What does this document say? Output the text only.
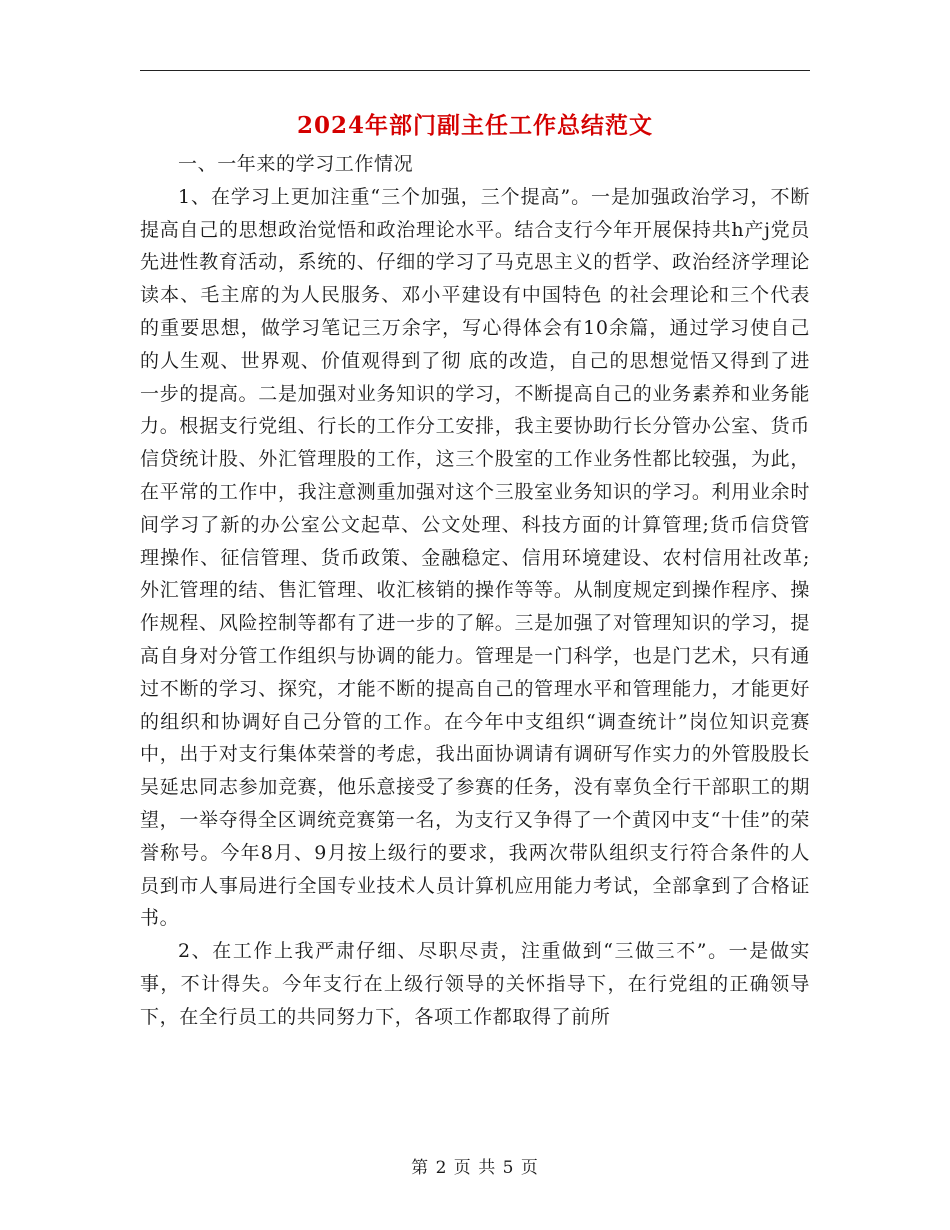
2024年部门副主任工作总结范文

一、一年来的学习工作情况

1、在学习上更加注重“三个加强，三个提高”。一是加强政治学习，不断提高自己的思想政治觉悟和政治理论水平。结合支行今年开展保持共h产j党员先进性教育活动，系统的、仔细的学习了马克思主义的哲学、政治经济学理论读本、毛主席的为人民服务、邓小平建设有中国特色 的社会理论和三个代表的重要思想，做学习笔记三万余字，写心得体会有10余篇，通过学习使自己的人生观、世界观、价值观得到了彻 底的改造，自己的思想觉悟又得到了进一步的提高。二是加强对业务知识的学习，不断提高自己的业务素养和业务能力。根据支行党组、行长的工作分工安排，我主要协助行长分管办公室、货币信贷统计股、外汇管理股的工作，这三个股室的工作业务性都比较强，为此，在平常的工作中，我注意测重加强对这个三股室业务知识的学习。利用业余时间学习了新的办公室公文起草、公文处理、科技方面的计算管理;货币信贷管理操作、征信管理、货币政策、金融稳定、信用环境建设、农村信用社改革;外汇管理的结、售汇管理、收汇核销的操作等等。从制度规定到操作程序、操作规程、风险控制等都有了进一步的了解。三是加强了对管理知识的学习，提高自身对分管工作组织与协调的能力。管理是一门科学，也是门艺术，只有通过不断的学习、探究，才能不断的提高自己的管理水平和管理能力，才能更好的组织和协调好自己分管的工作。在今年中支组织“调查统计”岗位知识竞赛中，出于对支行集体荣誉的考虑，我出面协调请有调研写作实力的外管股股长吴延忠同志参加竞赛，他乐意接受了参赛的任务，没有辜负全行干部职工的期望，一举夺得全区调统竞赛第一名，为支行又争得了一个黄冈中支“十佳”的荣誉称号。今年8月、9月按上级行的要求，我两次带队组织支行符合条件的人员到市人事局进行全国专业技术人员计算机应用能力考试，全部拿到了合格证书。

2、在工作上我严肃仔细、尽职尽责，注重做到“三做三不”。一是做实事，不计得失。今年支行在上级行领导的关怀指导下，在行党组的正确领导下，在全行员工的共同努力下，各项工作都取得了前所

第 2 页 共 5 页
